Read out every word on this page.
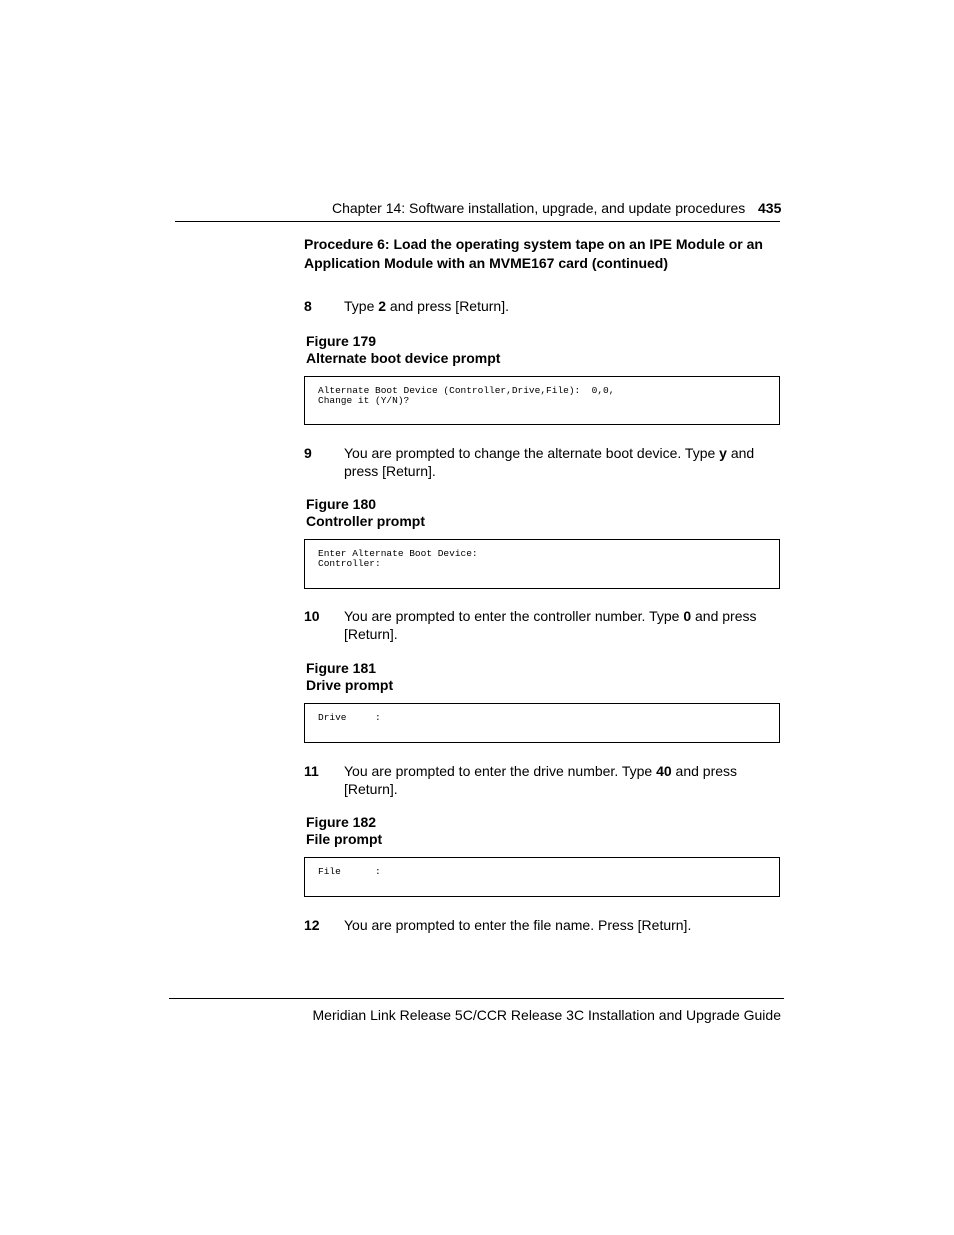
Chapter 14: Software installation, upgrade, and update procedures 435
Procedure 6: Load the operating system tape on an IPE Module or an Application Module with an MVME167 card (continued)
8 Type 2 and press [Return].
Figure 179
Alternate boot device prompt
Alternate Boot Device (Controller,Drive,File):  0,0,
Change it (Y/N)?
9 You are prompted to change the alternate boot device. Type y and press [Return].
Figure 180
Controller prompt
Enter Alternate Boot Device:
Controller:
10 You are prompted to enter the controller number. Type 0 and press [Return].
Figure 181
Drive prompt
Drive     :
11 You are prompted to enter the drive number. Type 40 and press [Return].
Figure 182
File prompt
File      :
12 You are prompted to enter the file name. Press [Return].
Meridian Link Release 5C/CCR Release 3C Installation and Upgrade Guide
